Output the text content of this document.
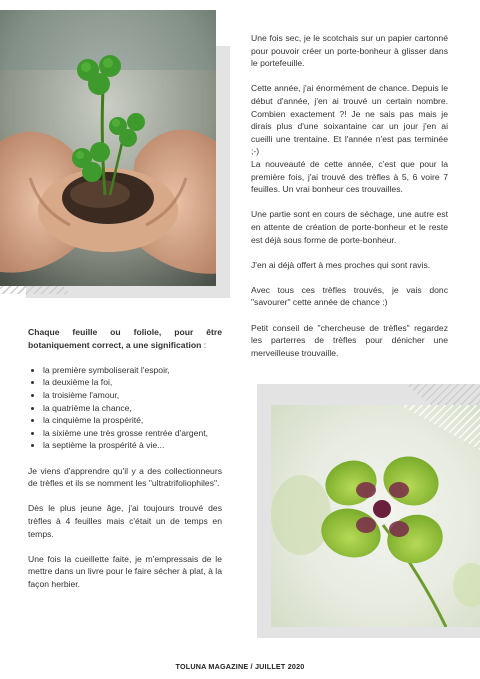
Une fois sec, je le scotchais sur un papier cartonné pour pouvoir créer un porte-bonheur à glisser dans le portefeuille.

Cette année, j'ai énormément de chance. Depuis le début d'année, j'en ai trouvé un certain nombre. Combien exactement ?! Je ne sais pas mais je dirais plus d'une soixantaine car un jour j'en ai cueilli une trentaine. Et l'année n'est pas terminée ;-)

La nouveauté de cette année, c'est que pour la première fois, j'ai trouvé des trèfles à 5, 6 voire 7 feuilles. Un vrai bonheur ces trouvailles.

Une partie sont en cours de séchage, une autre est en attente de création de porte-bonheur et le reste est déjà sous forme de porte-bonheur.

J'en ai déjà offert à mes proches qui sont ravis.

Avec tous ces trèfles trouvés, je vais donc "savourer" cette année de chance :)

Petit conseil de "chercheuse de trèfles" regardez les parterres de trèfles pour dénicher une merveilleuse trouvaille.

Chaque feuille ou foliole, pour être botaniquement correct, a une signification :

• la première symboliserait l'espoir,
• la deuxième la foi,
• la troisième l'amour,
• la quatrième la chance,
• la cinquième la prospérité,
• la sixième une très grosse rentrée d'argent,
• la septième la prospérité à vie...

Je viens d'apprendre qu'il y a des collectionneurs de trèfles et ils se nomment les "ultratrifoliophiles".

Dès le plus jeune âge, j'ai toujours trouvé des trèfles à 4 feuilles mais c'était un de temps en temps.

Une fois la cueillette faite, je m'empressais de le mettre dans un livre pour le faire sécher à plat, à la façon herbier.

TOLUNA MAGAZINE / JUILLET 2020
